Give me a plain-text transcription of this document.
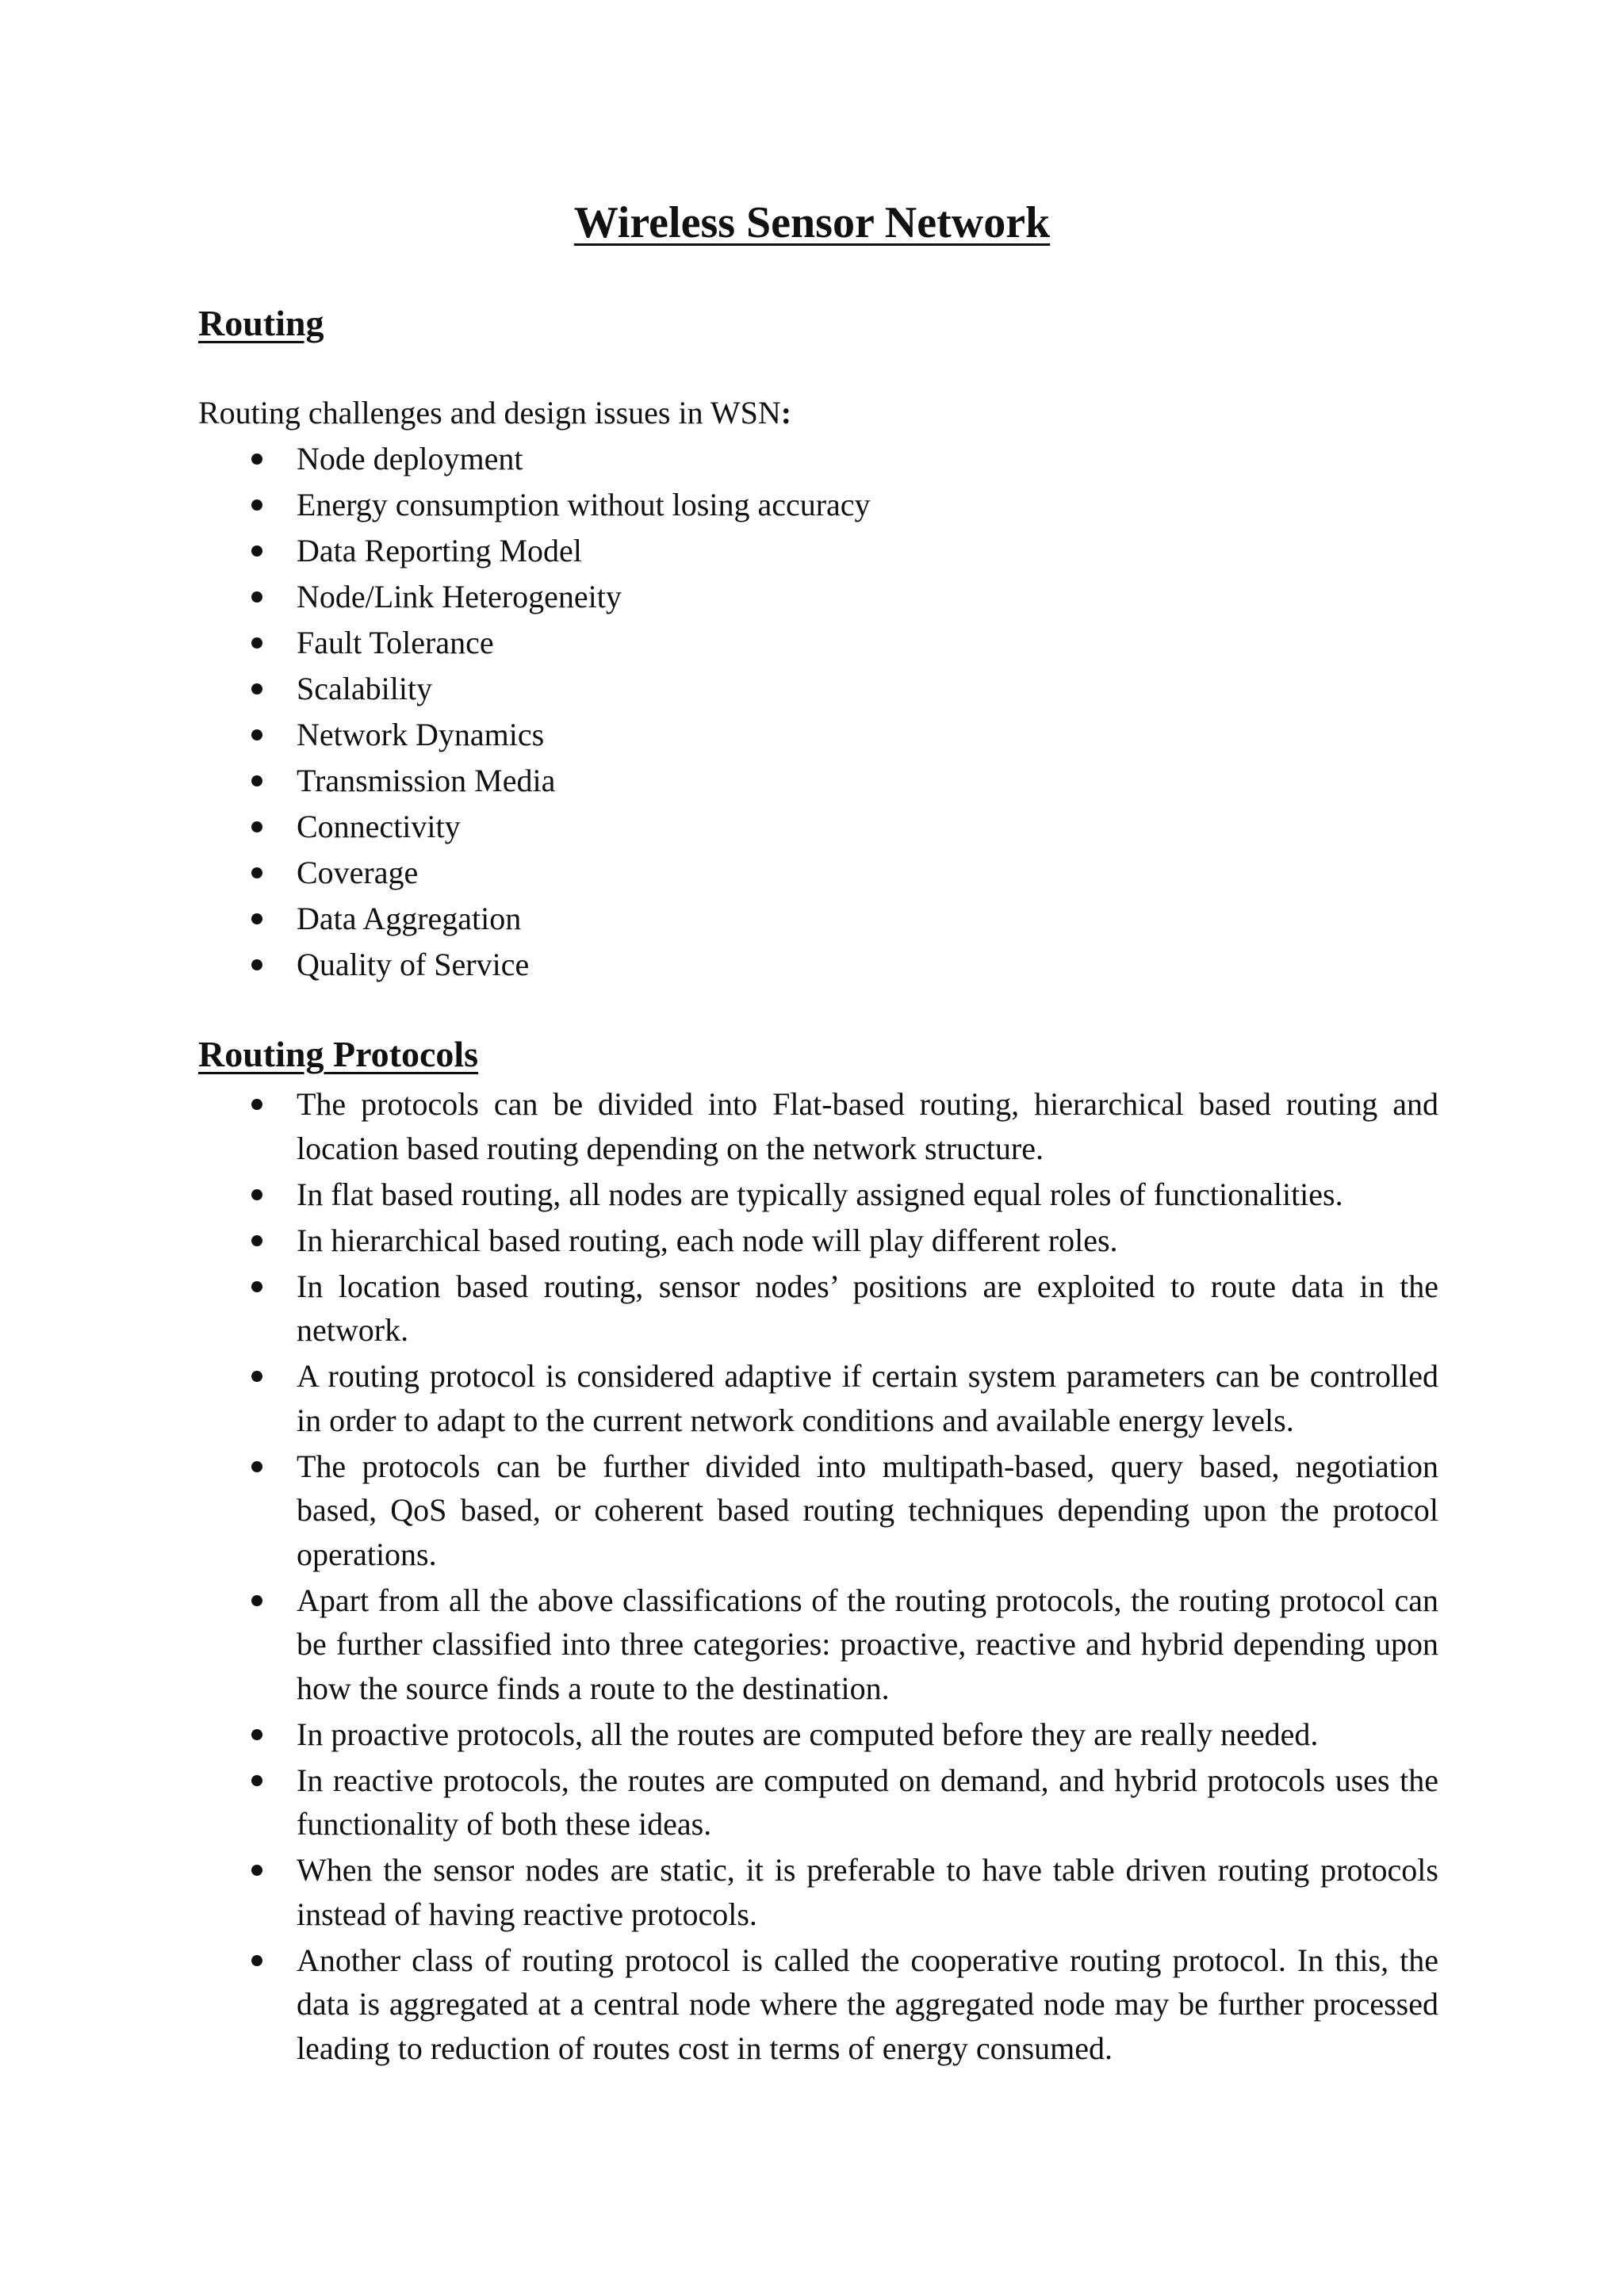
Wireless Sensor Network
Routing

Routing challenges and design issues in WSN:

Node deployment
Energy consumption without losing accuracy
Data Reporting Model
Node/Link Heterogeneity
Fault Tolerance
Scalability
Network Dynamics
Transmission Media
Connectivity
Coverage
Data Aggregation
Quality of Service
Routing Protocols
The protocols can be divided into Flat-based routing, hierarchical based routing and location based routing depending on the network structure.
In flat based routing, all nodes are typically assigned equal roles of functionalities.
In hierarchical based routing, each node will play different roles.
In location based routing, sensor nodes’ positions are exploited to route data in the network.
A routing protocol is considered adaptive if certain system parameters can be controlled in order to adapt to the current network conditions and available energy levels.
The protocols can be further divided into multipath-based, query based, negotiation based, QoS based, or coherent based routing techniques depending upon the protocol operations.
Apart from all the above classifications of the routing protocols, the routing protocol can be further classified into three categories: proactive, reactive and hybrid depending upon how the source finds a route to the destination.
In proactive protocols, all the routes are computed before they are really needed.
In reactive protocols, the routes are computed on demand, and hybrid protocols uses the functionality of both these ideas.
When the sensor nodes are static, it is preferable to have table driven routing protocols instead of having reactive protocols.
Another class of routing protocol is called the cooperative routing protocol. In this, the data is aggregated at a central node where the aggregated node may be further processed leading to reduction of routes cost in terms of energy consumed.
